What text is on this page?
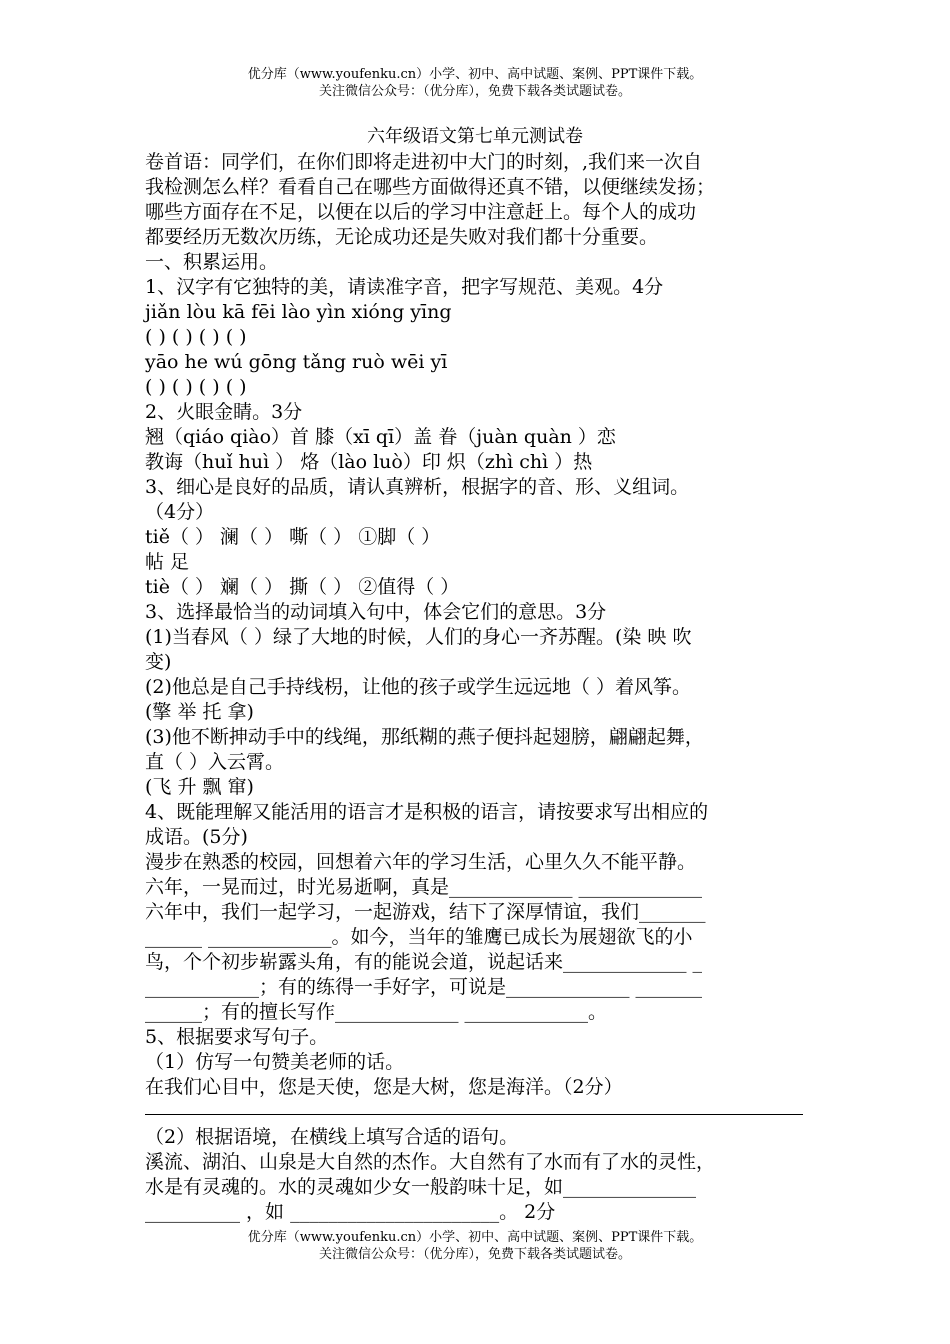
优分库（www.youfenku.cn）小学、初中、高中试题、案例、PPT课件下载。
关注微信公众号：（优分库），免费下载各类试题试卷。
六年级语文第七单元测试卷
卷首语：同学们，在你们即将走进初中大门的时刻，,我们来一次自
我检测怎么样？看看自己在哪些方面做得还真不错，以便继续发扬；
哪些方面存在不足，以便在以后的学习中注意赶上。每个人的成功
都要经历无数次历练，无论成功还是失败对我们都十分重要。
一、积累运用。
1、汉字有它独特的美，请读准字音，把字写规范、美观。4分
jiǎn lòu kā fēi lào yìn xióng yīng
( ) ( ) ( ) ( )
yāo he wú gōng tǎng ruò wēi yī
( ) ( ) ( ) ( )
2、火眼金睛。3分
翘（qiáo qiào）首 膝（xī qī）盖 眷（juàn quàn ）恋
教诲（huǐ huì ） 烙（lào luò）印 炽（zhì chì ）热
3、细心是良好的品质，请认真辨析，根据字的音、形、义组词。
（4分）
tiě（ ） 澜（ ） 嘶（ ） ①脚（ ）
帖 足
tiè（ ） 斓（ ） 撕（ ） ②值得（ ）
3、选择最恰当的动词填入句中，体会它们的意思。3分
(1)当春风（ ）绿了大地的时候，人们的身心一齐苏醒。(染 映 吹
变)
(2)他总是自己手持线枴，让他的孩子或学生远远地（ ）着风筝。
(擎 举 托 拿)
(3)他不断抻动手中的线绳，那纸糊的燕子便抖起翅膀，翩翩起舞，
直（ ）入云霄。
(飞 升 飘 窜)
4、既能理解又能活用的语言才是积极的语言，请按要求写出相应的
成语。(5分)
漫步在熟悉的校园，回想着六年的学习生活，心里久久不能平静。
六年，一晃而过，时光易逝啊，真是_____________ _____________
六年中，我们一起学习，一起游戏，结下了深厚情谊，我们_______
______ _____________。如今，当年的雏鹰已成长为展翅欲飞的小
鸟，个个初步崭露头角，有的能说会道，说起话来_____________ _
____________；有的练得一手好字，可说是_____________ _______
______；有的擅长写作_____________ _____________。
5、根据要求写句子。
（1）仿写一句赞美老师的话。
在我们心目中，您是天使，您是大树，您是海洋。（2分）
（2）根据语境，在横线上填写合适的语句。
溪流、湖泊、山泉是大自然的杰作。大自然有了水而有了水的灵性，
水是有灵魂的。水的灵魂如少女一般韵味十足，如______________
__________ ，如 ______________________。 2分
优分库（www.youfenku.cn）小学、初中、高中试题、案例、PPT课件下载。
关注微信公众号：（优分库），免费下载各类试题试卷。
